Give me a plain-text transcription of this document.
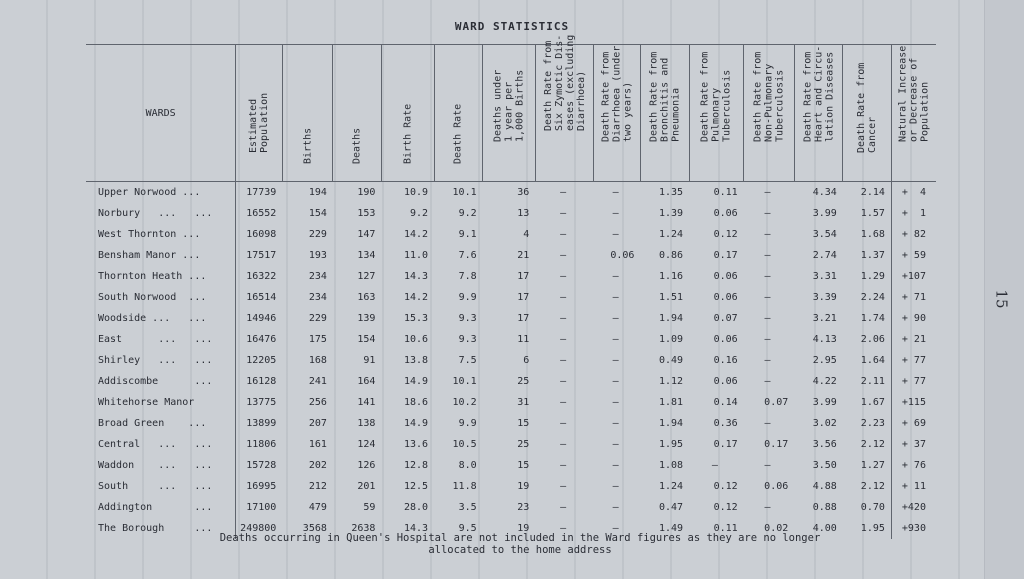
WARD STATISTICS
WARDS	Estimated
Population	Births	Deaths	Birth Rate	Death Rate	Deaths under
1 year per
1,000 Births	Death Rate from
Six Zymotic Dis-
eases (excluding
Diarrhoea)	Death Rate from
Diarrhoea (under
two years)	Death Rate from
Bronchitis and
Pneumonia	Death Rate from
Pulmonary
Tuberculosis	Death Rate from
Non-Pulmonary
Tuberculosis	Death Rate from
Heart and Circu-
lation Diseases	Death Rate from
Cancer	Natural Increase
or Decrease of
Population

Upper Norwood ...	17739	194	190	10.9	10.1	36	–	–	1.35	0.11	–	4.34	2.14	+  4
Norbury   ...   ...	16552	154	153	9.2	9.2	13	–	–	1.39	0.06	–	3.99	1.57	+  1
West Thornton ...	16098	229	147	14.2	9.1	4	–	–	1.24	0.12	–	3.54	1.68	+ 82
Bensham Manor ...	17517	193	134	11.0	7.6	21	–	0.06	0.86	0.17	–	2.74	1.37	+ 59
Thornton Heath ...	16322	234	127	14.3	7.8	17	–	–	1.16	0.06	–	3.31	1.29	+107
South Norwood  ...	16514	234	163	14.2	9.9	17	–	–	1.51	0.06	–	3.39	2.24	+ 71
Woodside ...   ...	14946	229	139	15.3	9.3	17	–	–	1.94	0.07	–	3.21	1.74	+ 90
East      ...   ...	16476	175	154	10.6	9.3	11	–	–	1.09	0.06	–	4.13	2.06	+ 21
Shirley   ...   ...	12205	168	91	13.8	7.5	6	–	–	0.49	0.16	–	2.95	1.64	+ 77
Addiscombe      ...	16128	241	164	14.9	10.1	25	–	–	1.12	0.06	–	4.22	2.11	+ 77
Whitehorse Manor	13775	256	141	18.6	10.2	31	–	–	1.81	0.14	0.07	3.99	1.67	+115
Broad Green    ...	13899	207	138	14.9	9.9	15	–	–	1.94	0.36	–	3.02	2.23	+ 69
Central   ...   ...	11806	161	124	13.6	10.5	25	–	–	1.95	0.17	0.17	3.56	2.12	+ 37
Waddon    ...   ...	15728	202	126	12.8	8.0	15	–	–	1.08	–	–	3.50	1.27	+ 76
South     ...   ...	16995	212	201	12.5	11.8	19	–	–	1.24	0.12	0.06	4.88	2.12	+ 11
Addington       ...	17100	479	59	28.0	3.5	23	–	–	0.47	0.12	–	0.88	0.70	+420
The Borough     ...	249800	3568	2638	14.3	9.5	19	–	–	1.49	0.11	0.02	4.00	1.95	+930
Deaths occurring in Queen's Hospital are not included in the Ward figures as they are no longer
allocated to the home address
15
